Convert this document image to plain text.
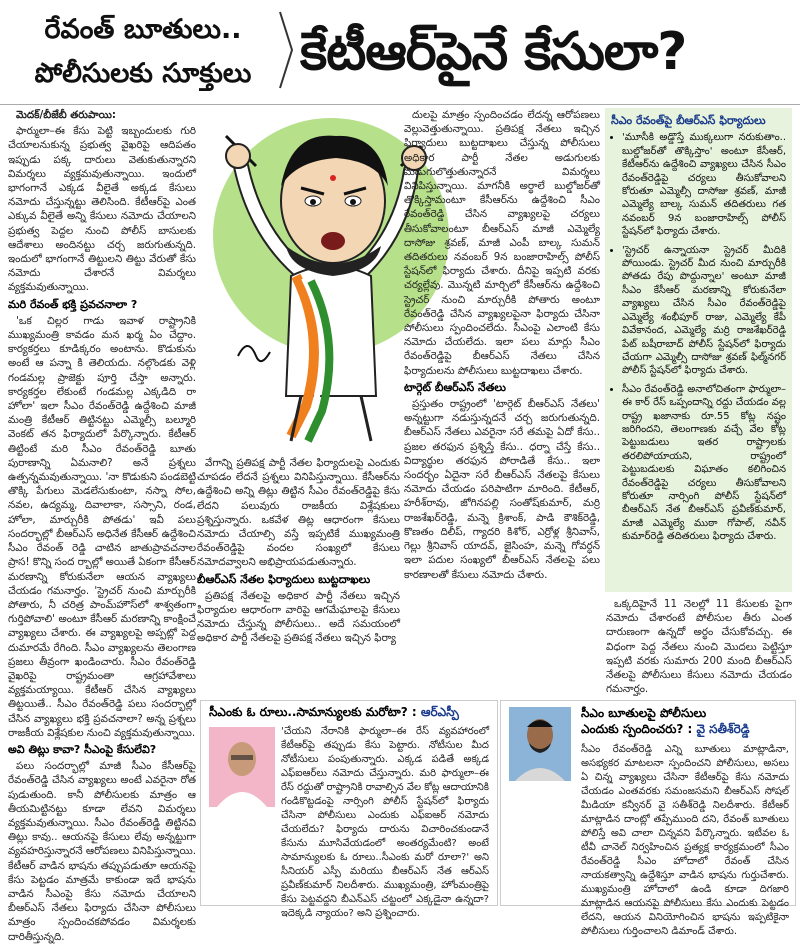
రేవంత్ బూతులు..
పోలీసులకు సూక్తులు కేటీఆర్‌పైనే కేసులా?

మెదక్/బీజేబీ తరుపాయి:

ఫార్ములా–ఈ కేసు పెట్టి ఇబ్బందులకు గురి చేయాలనుకున్న ప్రభుత్వ వైఖరిపై ఆదిపతం ఇప్పుడు పక్క దారులు వెతుకుతున్నారని విమర్శలు వ్యక్తమవుతున్నాయి. ఇందులో భాగంగానే ఎక్కడ వీలైతే అక్కడ కేసులు నమోదు చేస్తున్నట్టు తెలిసింది. కేటీఆర్‌పై ఎంత ఎక్కువ వీలైతే అన్ని కేసులు నమోదు చేయాలని ప్రభుత్వ పెద్దల నుంచి పోలీస్ బాసులకు ఆదేశాలు అందినట్టు చర్చ జరుగుతున్నది. ఇందులో భాగంగానే తిట్టులని తిట్టు వేరుతో కేసు నమోదు చేశారనే విమర్శలు వ్యక్తమవుతున్నాయి.

మరి రేవంత్‌ భక్తి ప్రవచనాలా ?

'ఒక చిల్లర గాడు ఇవాళ రాష్ట్రానికి ముఖ్యమంత్రి కావడం మన ఖర్మ ఏం చేద్దాం. కార్యకర్తలు కూడిక్కరం అంటాను. కొడుకును అంటే ఆ పన్నా కి తెలియదు. నల్గొండకు వెళ్లి గండమల్ల ప్రాజెక్టు పూర్తి చేస్తా అన్నారు. కార్యకర్తల లేకుంటే గండమల్ల ఎక్కడిది రా హోలా' ఇలా సీఎం రేవంత్‌రెడ్డి ఉద్దేశించి మాజీ మంత్రి కేటీఆర్ తిట్టినట్టు ఎమ్మెల్సీ బల్మూరి వెంకట్ తన ఫిర్యాదులో పేర్కొన్నారు. కేటీఆర్ తిట్టింటే మరి సీఎం రేవంత్‌రెడ్డి బూతు పురాణాన్ని ఏమనాలి? అనే ప్రశ్నలు ఉత్పన్నమవుతున్నాయి. 'నా కొడుకుని పండబెట్టి తొక్కి పేగులు మెడలేసుకుంటా, నస్నా సోల, నవల, ఉద్యమ్మ, దివాలాకా, సస్సాని, రండ, హోలా, మార్చురీకి పోతడు' ఇవీ పలు సందర్భాల్లో బీఆర్ఎస్ అధినేత కేసీఆర్ ఉద్దేశించి సీఎం రేవంత్ రెడ్డి చాటిన జాతుప్రావచనాల ప్రాస! కొన్ని సంద ర్బాల్లో అయితే ఏకంగా కేసీఆర్ మరణాన్ని కోరుకునేలా ఆయన వ్యాఖ్యలు చేయడం గమనార్హం. 'స్ట్రెచర్ నుంచి మార్చురీకి పోతారు, నీ చరిత్ర పాంమ్‌హౌస్‌లో శాశ్వతంగా గుర్తిపోవాలి' అంటూ కేసీఆర్ మరణాన్ని కాంక్షించే వ్యాఖ్యలు చేశారు. ఈ వ్యాఖ్యలపై అప్పట్లో పెద్ద దుమారమే రేగింది. సీఎం వ్యాఖ్యలను తెలంగాణ ప్రజలు తీవ్రంగా ఖండించారు. సీఎం రేవంత్‌రెడ్డి వైఖరిపై రాష్ట్రమంతా ఆగ్రహావేశాలు వ్యక్తమయ్యాయి. కేటీఆర్ చేసిన వ్యాఖ్యలు తిట్టయితే.. సీఎం రేవంత్‌రెడ్డి పలు సందర్భాల్లో చేసిన వ్యాఖ్యలు భక్తి ప్రవచనాలా? అన్న ప్రశ్నలు రాజకీయ విశ్లేషకుల నుంచి వ్యక్తమవుతున్నాయి.

అవి తిట్లు కావా? సీఎంపై కేసులేవి?

పలు సందర్భాల్లో మాజీ సీఎం కేసీఆర్‌పై రేవంత్‌రెడ్డి చేసిన వ్యాఖ్యలు అంటే ఎవరైనా రోత పుడుతుంది. కానీ పోలీసులకు మాత్రం ఆ తీయమిట్టినట్టు కూడా లేవని విమర్శలు వ్యక్తమవుతున్నాయి. సీఎం రేవంత్‌రెడ్డి తిట్టినవి తిట్లు కావు.. ఆయనపై కేసులు లేవు అన్నట్టుగా వ్యవహరిస్తున్నారనే ఆరోపణలు వినిపిస్తున్నాయి. కేటీఆర్ వాడిన భాషను తప్పుపడుతూ ఆయనపై కేసు పెట్టడం మాత్రమే కాకుండా ఇదే భాషను వాడిన సీఎంపై కేసు నమోదు చేయాలని బీఆర్ఎస్ నేతలు ఫిర్యాదు చేసినా పోలీసులు మాత్రం స్పందించకపోవడం విమర్శలకు దారితీస్తున్నది.

వేగాన్ని ప్రతిపక్ష పార్టీ నేతల ఫిర్యాదులపై ఎందుకు చూపడం లేదనే ప్రశ్నలు వినిపిస్తున్నాయి. కేసీఆర్‌ను ఉద్దేశించి అన్ని తిట్లు తిట్టిన సీఎం రేవంత్‌రెడ్డిపై కేసు లేదని పలువురు రాజకీయ విశ్లేషకులు ప్రశ్నిస్తున్నారు. ఒకవేళ తిట్ల ఆధారంగా కేసులు నమోదు చేయాల్సి వస్తే ఇప్పటికే ముఖ్యమంత్రి రేవంత్‌రెడ్డిపై వందల సంఖ్యలో కేసులు నమోదవ్వాలని అభిప్రాయపడుతున్నారు.

బీఆర్ఎస్ నేతల ఫిర్యాదులు బుట్టదాఖలు

ప్రతిపక్ష నేతలపై అధికార పార్టీ నేతలు ఇచ్చిన ఫిర్యాదుల ఆధారంగా వారిపై ఆగమేఘాలపై కేసులు నమోదు చేస్తున్న పోలీసులు.. అదే సమయంలో అధికార పార్టీ నేతలపై ప్రతిపక్ష నేతలు ఇచ్చిన ఫిర్యా

దులపై మాత్రం స్పందించడం లేదన్న ఆరోపణలు వెల్లువెత్తుతున్నాయి. ప్రతిపక్ష నేతలు ఇచ్చిన ఫిర్యాదులు బుట్టదాఖలు చేస్తున్న పోలీసులు అధికార పార్టీ నేతల అడుగులకు మడుగులొత్తుతున్నారనే విమర్శలు వినిపిస్తున్నాయి. మాగనీకి అర్థాలే బుల్డోజర్‌తో తొక్కిస్తామంటూ కేసీఆర్‌ను ఉద్దేశించి సీఎం రేవంత్‌రెడ్డి చేసిన వ్యాఖ్యలపై చర్యలు తీసుకోవాలంటూ బీఆర్ఎస్ మాజీ ఎమ్మెల్యే దాసోజు శ్రవణ్, మాజీ ఎంపీ బాల్క సుమన్ తదితరులు నవంబర్ 9న బంజారాహిల్స్ పోలీస్ స్టేషన్‌లో ఫిర్యాదు చేశారు. దీనిపై ఇప్పటి వరకు చర్యల్లేవు. మొన్నటి మార్చిలో కేసీఆర్‌ను ఉద్దేశించి స్ట్రెచర్ నుంచి మార్చురీకి పోతారు అంటూ రేవంత్‌రెడ్డి చేసిన వ్యాఖ్యలపైనా ఫిర్యాదు చేసినా పోలీసులు స్పందించలేదు. సీఎంపై ఎలాంటి కేసు నమోదు చేయలేదు. ఇలా పలు మార్లు సీఎం రేవంత్‌రెడ్డిపై బీఆర్ఎస్ నేతలు చేసిన ఫిర్యాదులను పోలీసులు బుట్టదాఖలు చేశారు.

టార్గెట్ బీఆర్ఎస్ నేతలు

ప్రస్తుతం రాష్ట్రంలో 'టార్గెట్ బీఆర్ఎస్ నేతలు' అన్నట్టుగా నడుస్తున్నదనే చర్చ జరుగుతున్నది. బీఆర్ఎస్ నేతలు ఎవరైనా సరే తమపై ఏదో కేసు.. ప్రజల తరఫున ప్రశ్నిస్తే కేసు.. ధర్నా చేస్తే కేసు.. విద్యార్థుల తరఫున పోరాడితే కేసు.. ఇలా సందర్భం ఏదైనా సరే బీఆర్ఎస్ నేతలపై కేసులు నమోదు చేయడం పరిపాటిగా మారింది. కేటీఆర్, హరీశ్‌రావు, జోగినపల్లి సంతోష్‌కుమార్, మర్రి రాజశేఖర్‌రెడ్డి, మన్నె క్రిశాంక్, పాడి కౌశిక్‌రెడ్డి, కొణతం దిలీప్, గ్యాదరి కిశోర్, ఎర్రోళ్ల శ్రీనివాస్, గెల్లు శ్రీనివాస్ యాదవ్, జైసింహ, మన్నె గోవర్ధన్ ఇలా పదుల సంఖ్యలో బీఆర్ఎస్ నేతలపై పలు కారణాలతో కేసులు నమోదు చేశారు.

సీఎం రేవంత్‌పై బీఆర్ఎస్ ఫిర్యాదులు
• 'మూసీకి అడ్డొస్తే ముక్కలుగా నరుకుతాం.. బుల్డోజర్‌తో తొక్కిస్తాం' అంటూ కేసీఆర్, కేటీఆర్‌ను ఉద్దేశించి వ్యాఖ్యలు చేసిన సీఎం రేవంత్‌రెడ్డిపై చర్యలు తీసుకోవాలని కోరుతూ ఎమ్మెల్సీ దాసోజు శ్రవణ్, మాజీ ఎమ్మెల్యే బాల్క సుమన్ తదితరులు గత నవంబర్ 9న బంజారాహిల్స్ పోలీస్ స్టేషన్‌లో ఫిర్యాదు చేశారు.
• 'స్ట్రెచర్ ఉన్నాయనా స్ట్రెచర్ మీదికి పోయిండు. స్ట్రెచర్ మీద నుంచి మార్చురీకి పోతడు రేపు పొద్దున్నాల' అంటూ మాజీ సీఎం కేసీఆర్ మరణాన్ని కోరుకునేలా వ్యాఖ్యలు చేసిన సీఎం రేవంత్‌రెడ్డిపై ఎమ్మెల్యే శంభీపూర్ రాజు, ఎమ్మెల్యే కేపీ వివేకానంద, ఎమ్మెల్యే మర్రి రాజశేఖర్‌రెడ్డి పేట్ బషీరాబాద్ పోలీస్ స్టేషన్‌లో ఫిర్యాదు చేయగా ఎమ్మెల్సీ దాసోజు శ్రవణ్ ఫిల్మ్‌నగర్ పోలీస్ స్టేషన్‌లో ఫిర్యాదు చేశారు.
• సీఎం రేవంత్‌రెడ్డి అనాలోచితంగా ఫార్ములా–ఈ కార్ రేస్ ఒప్పందాన్ని రద్దు చేయడం వల్ల రాష్ట్ర ఖజానాకు రూ.55 కోట్ల నష్టం జరిగిందని, తెలంగాణకు వచ్చే వేల కోట్ల పెట్టుబడులు ఇతర రాష్ట్రాలకు తరలిపోయాయని, రాష్ట్రంలో పెట్టుబడులకు విఘాతం కలిగించిన రేవంత్‌రెడ్డిపై చర్యలు తీసుకోవాలని కోరుతూ నార్సింగి పోలీస్ స్టేషన్‌లో బీఆర్ఎస్ నేత బీఆర్ఎస్ ప్రవీణ్‌కుమార్, మాజీ ఎమ్మెల్యే ముఠా గోపాల్, నవీన్ కుమార్‌రెడ్డి తదితరులు ఫిర్యాదు చేశారు.

ఒక్కదిహైనే 11 నెలల్లో 11 కేసులకు పైగా నమోదు చేశారంటే పోలీసుల తీరు ఎంత దారుణంగా ఉన్నదో అర్థం చేసుకోవచ్చు. ఈ విధంగా పెద్ద నేతలు నుంచి మొదలు పెట్టిస్తూ ఇప్పటి వరకు సుమారు 200 మంది బీఆర్ఎస్ నేతలపై పోలీసులు కేసులు నమోదు చేయడం గమనార్హం.

సీఎంకు ఓ రూలు..సామాన్యులకు మరోటా? : ఆర్ఎస్పీ
'చేయని నేరానికి ఫార్ములా–ఈ రేస్ వ్యవహారంలో కేటీఆర్‌పై తప్పుడు కేసు పెట్టారు. నోటీసుల మీద నోటీసులు పంపుతున్నారు. ఎక్కడ పడితే అక్కడ ఎఫ్‌ఐఆర్‌లు నమోదు చేస్తున్నారు. మరి ఫార్ములా–ఈ రేస్ రద్దుతో రాష్ట్రానికి రావాల్సిన వేల కోట్ల ఆదాయానికి గండికొట్టడంపై నార్సింగి పోలీస్ స్టేషన్‌లో ఫిర్యాదు చేసినా పోలీసులు ఎందుకు ఎఫ్‌ఐఆర్ నమోదు చేయలేదు? ఫిర్యాదు దారును విచారించకుండానే కేసును మూసివేయడంలో అంతర్యమేంటి? అంటే సామాన్యులకు ఓ రూలు..సీఎంకు మరో రూలా?' అని సీనియర్ ఎస్పీ మరియు బీఆర్ఎస్ నేత ఆర్‌ఎస్ ప్రవీణ్‌కుమార్ నిలదీశారు. ముఖ్యమంత్రి, హోంమంత్రిపై కేసు పెట్టవద్దని బీఎన్ఎస్ చట్టంలో ఎక్కడైనా ఉన్నదా? ఇదెక్కడి న్యాయం? అని ప్రశ్నించారు.
సీఎం బూతులపై పోలీసులు
ఎందుకు స్పందించరు? : వై సతీశ్‌రెడ్డి
సీఎం రేవంత్‌రెడ్డి ఎన్ని బూతులు మాట్లాడినా, అసభ్యకర మాటలనా స్పందించని పోలీసులు, అసలు ఏ చిన్న వ్యాఖ్యలు చేసినా కేటీఆర్‌పై కేసు నమోదు చేయడం ఎంతవరకు సమంజసమని బీఆర్ఎస్ సోషల్ మీడియా కన్వీనర్ వై సతీశ్‌రెడ్డి నిలదీశారు. కేటీఆర్ మాట్లాడిన దాంట్లో తప్పేముంది దని, రేవంత్ బూతులు పోలిస్తే అవి చాలా చిన్నవని పేర్కొన్నారు. ఇటీవల ఓ టీవీ చానెల్ నిర్వహించిన ప్రత్యక్ష కార్యక్రమంలో సీఎం రేవంత్‌రెడ్డి సీఎం హోదాలో రేవంత్ చేసిన నాయకత్వాన్ని ఉద్దేశిస్తూ వాడిన భాషను గుర్తుచేశారు. ముఖ్యమంత్రి హోదాలో ఉండి కూడా దిగజారి మాట్లాడిన ఆయనపై పోలీసులు కేసు ఎందుకు పెట్టడం లేదని, ఆయన వినియోగించిన భాషను ఇప్పటికైనా పోలీసులు గుర్తించాలని డిమాండ్ చేశారు.
